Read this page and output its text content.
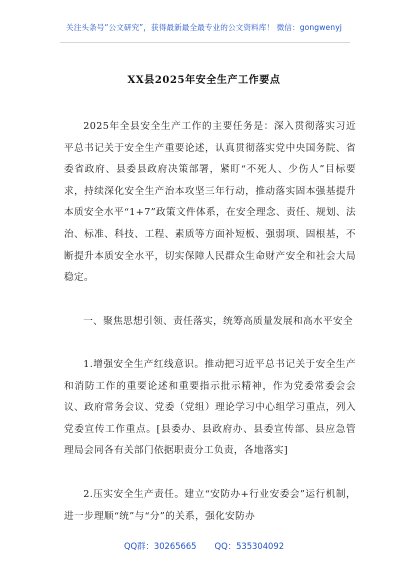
关注头条号“公文研究”，获得最新最全最专业的公文资料库！ 微信：gongwenyj
XX县2025年安全生产工作要点
2025年全县安全生产工作的主要任务是：深入贯彻落实习近平总书记关于安全生产重要论述，认真贯彻落实党中央国务院、省委省政府、县委县政府决策部署，紧盯“不死人、少伤人”目标要求，持续深化安全生产治本攻坚三年行动，推动落实固本强基提升本质安全水平“1+7”政策文件体系，在安全理念、责任、规划、法治、标准、科技、工程、素质等方面补短板、强弱项、固根基，不断提升本质安全水平，切实保障人民群众生命财产安全和社会大局稳定。
一、聚焦思想引领、责任落实，统筹高质量发展和高水平安全
1.增强安全生产红线意识。推动把习近平总书记关于安全生产和消防工作的重要论述和重要指示批示精神，作为党委常委会会议、政府常务会议、党委（党组）理论学习中心组学习重点，列入党委宣传工作重点。[县委办、县政府办、县委宣传部、县应急管理局会同各有关部门依据职责分工负责，各地落实]
2.压实安全生产责任。建立“安防办+行业安委会”运行机制，进一步理顺“统”与“分”的关系，强化安防办
QQ群：30265665 QQ：535304092
